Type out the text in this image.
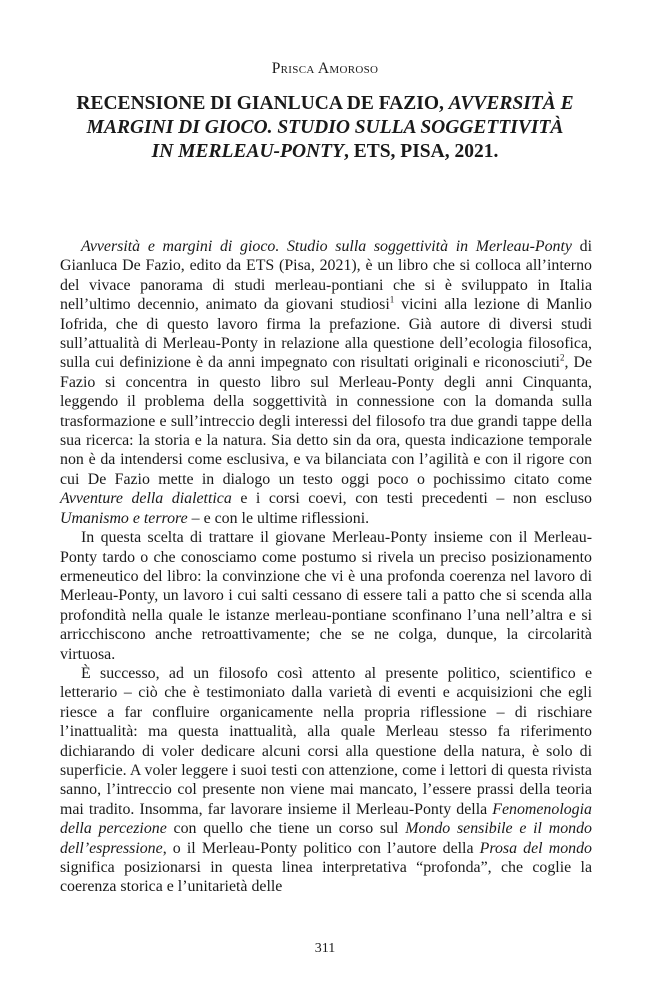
Prisca Amoroso
RECENSIONE DI GIANLUCA DE FAZIO, AVVERSITÀ E MARGINI DI GIOCO. STUDIO SULLA SOGGETTIVITÀ IN MERLEAU-PONTY, ETS, PISA, 2021.

Avversità e margini di gioco. Studio sulla soggettività in Merleau-Ponty di Gianluca De Fazio, edito da ETS (Pisa, 2021), è un libro che si colloca all’interno del vivace panorama di studi merleau-pontiani che si è sviluppato in Italia nell’ultimo decennio, animato da giovani studiosi$^1$ vicini alla lezione di Manlio Iofrida, che di questo lavoro firma la prefazione. Già autore di diversi studi sull’attualità di Merleau-Ponty in relazione alla questione dell’ecologia filosofica, sulla cui definizione è da anni impegnato con risultati originali e riconosciuti$^2$, De Fazio si concentra in questo libro sul Merleau-Ponty degli anni Cinquanta, leggendo il problema della soggettività in connessione con la domanda sulla trasformazione e sull’intreccio degli interessi del filosofo tra due grandi tappe della sua ricerca: la storia e la natura. Sia detto sin da ora, questa indicazione temporale non è da intendersi come esclusiva, e va bilanciata con l’agilità e con il rigore con cui De Fazio mette in dialogo un testo oggi poco o pochissimo citato come Avventure della dialettica e i corsi coevi, con testi precedenti – non escluso Umanismo e terrore – e con le ultime riflessioni.

In questa scelta di trattare il giovane Merleau-Ponty insieme con il Merleau-Ponty tardo o che conosciamo come postumo si rivela un preciso posizionamento ermeneutico del libro: la convinzione che vi è una profonda coerenza nel lavoro di Merleau-Ponty, un lavoro i cui salti cessano di essere tali a patto che si scenda alla profondità nella quale le istanze merleau-pontiane sconfinano l’una nell’altra e si arricchiscono anche retroattivamente; che se ne colga, dunque, la circolarità virtuosa.

È successo, ad un filosofo così attento al presente politico, scientifico e letterario – ciò che è testimoniato dalla varietà di eventi e acquisizioni che egli riesce a far confluire organicamente nella propria riflessione – di rischiare l’inattualità: ma questa inattualità, alla quale Merleau stesso fa riferimento dichiarando di voler dedicare alcuni corsi alla questione della natura, è solo di superficie. A voler leggere i suoi testi con attenzione, come i lettori di questa rivista sanno, l’intreccio col presente non viene mai mancato, l’essere prassi della teoria mai tradito. Insomma, far lavorare insieme il Merleau-Ponty della Fenomenologia della percezione con quello che tiene un corso sul Mondo sensibile e il mondo dell’espressione, o il Merleau-Ponty politico con l’autore della Prosa del mondo significa posizionarsi in questa linea interpretativa “profonda”, che coglie la coerenza storica e l’unitarietà delle

311
